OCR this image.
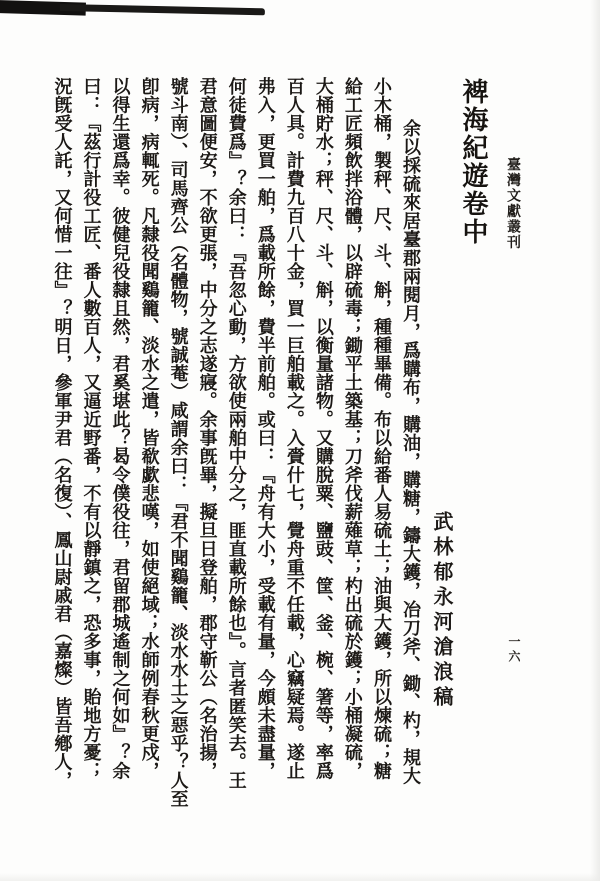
臺灣文獻叢刊
裨海紀遊卷中
武林郁永河滄浪稿	一六
余以採硫來居臺郡兩閱月，爲購布，購油，購糖，鑄大鑊，冶刀斧、鋤、杓，規大
小木桶，製秤、尺、斗、斛，種種畢備。布以給番人易硫土；油與大鑊，所以煉硫；糖
給工匠頻飲拌浴體，以辟硫毒；鋤平土築基；刀斧伐薪薙草；杓出硫於鑊；小桶凝硫，
大桶貯水；秤、尺、斗、斛，以衡量諸物。又購脫粟、鹽豉、筐、釜、椀、箸等，率爲
百人具。計費九百八十金，買一巨舶載之。入賫什七，覺舟重不任載，心竊疑焉。遂止
弗入，更買一舶，爲載所餘，費半前舶。或曰：『舟有大小，受載有量，今頗未盡量，
何徒費爲』？余曰：『吾忽心動，方欲使兩舶中分之，匪直載所餘也』。言者匿笑去。王
君意圖便安，不欲更張，中分之志遂寢。余事旣畢，擬旦日登舶，郡守靳公（名治揚，
號斗南）、司馬齊公（名體物，號誠菴）咸謂余曰：『君不聞鷄籠、淡水水土之惡乎？人至
卽病，病輒死。凡隸役聞鷄籠、淡水之遣，皆欷歔悲嘆，如使絕域；水師例春秋更戍，
以得生還爲幸。彼健兒役隸且然，君奚堪此？曷令僕役往，君留郡城遙制之何如』？余
曰：『茲行計役工匠、番人數百人，又逼近野番，不有以靜鎮之，恐多事，貽地方憂；
況旣受人託，又何惜一往』？明日，參軍尹君（名復）、鳳山尉戚君（嘉燦）皆吾鄕人，
